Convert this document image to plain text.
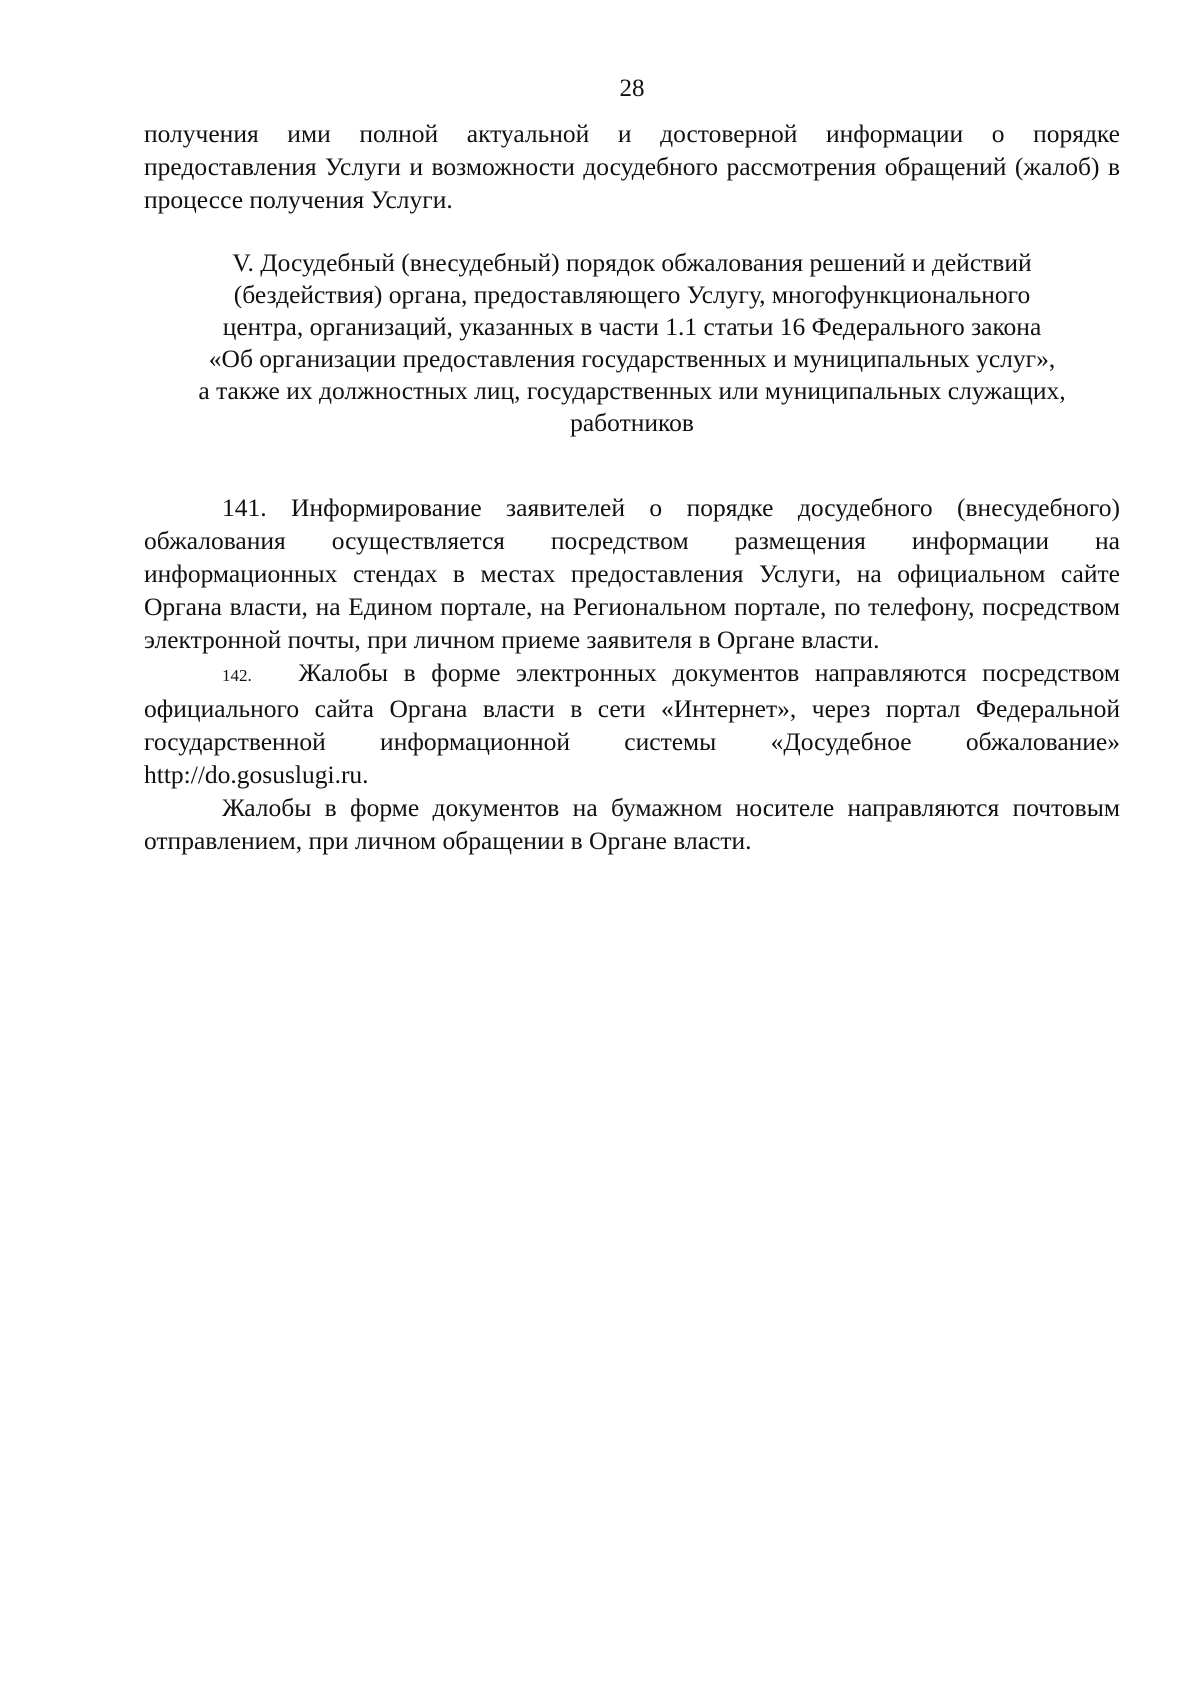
28

получения ими полной актуальной и достоверной информации о порядке предоставления Услуги и возможности досудебного рассмотрения обращений (жалоб) в процессе получения Услуги.

V. Досудебный (внесудебный) порядок обжалования решений и действий
(бездействия) органа, предоставляющего Услугу, многофункционального
центра, организаций, указанных в части 1.1 статьи 16 Федерального закона
«Об организации предоставления государственных и муниципальных услуг»,
а также их должностных лиц, государственных или муниципальных служащих,
работников

141. Информирование заявителей о порядке досудебного (внесудебного) обжалования осуществляется посредством размещения информации на информационных стендах в местах предоставления Услуги, на официальном сайте Органа власти, на Едином портале, на Региональном портале, по телефону, посредством электронной почты, при личном приеме заявителя в Органе власти.

142. Жалобы в форме электронных документов направляются посредством официального сайта Органа власти в сети «Интернет», через портал Федеральной государственной информационной системы «Досудебное обжалование» http://do.gosuslugi.ru.

Жалобы в форме документов на бумажном носителе направляются почтовым отправлением, при личном обращении в Органе власти.
